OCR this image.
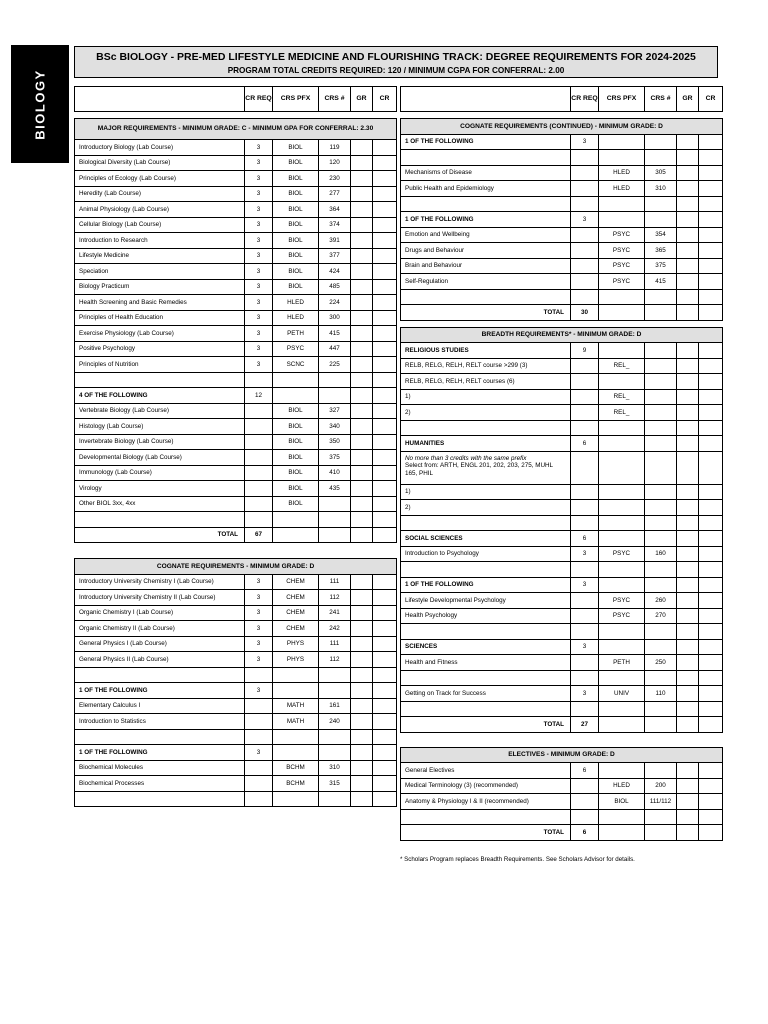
BIOLOGY
BSc BIOLOGY - PRE-MED LIFESTYLE MEDICINE AND FLOURISHING TRACK: DEGREE REQUIREMENTS FOR 2024-2025
PROGRAM TOTAL CREDITS REQUIRED: 120 / MINIMUM CGPA FOR CONFERRAL: 2.00
	CR REQ	CRS PFX	CRS #	GR	CR
MAJOR REQUIREMENTS - MINIMUM GRADE: C - MINIMUM GPA FOR CONFERRAL: 2.30					
Introductory Biology (Lab Course)	3	BIOL	119		
Biological Diversity (Lab Course)	3	BIOL	120		
Principles of Ecology (Lab Course)	3	BIOL	230		
Heredity (Lab Course)	3	BIOL	277		
Animal Physiology (Lab Course)	3	BIOL	364		
Cellular Biology (Lab Course)	3	BIOL	374		
Introduction to Research	3	BIOL	391		
Lifestyle Medicine	3	BIOL	377		
Speciation	3	BIOL	424		
Biology Practicum	3	BIOL	485		
Health Screening and Basic Remedies	3	HLED	224		
Principles of Health Education	3	HLED	300		
Exercise Physiology (Lab Course)	3	PETH	415		
Positive Psychology	3	PSYC	447		
Principles of Nutrition	3	SCNC	225		

4 OF THE FOLLOWING	12				
Vertebrate Biology (Lab Course)		BIOL	327		
Histology (Lab Course)		BIOL	340		
Invertebrate Biology (Lab Course)		BIOL	350		
Developmental Biology (Lab Course)		BIOL	375		
Immunology (Lab Course)		BIOL	410		
Virology		BIOL	435		
Other BIOL 3xx, 4xx		BIOL			

TOTAL	67				
COGNATE REQUIREMENTS - MINIMUM GRADE: D					
Introductory University Chemistry I (Lab Course)	3	CHEM	111		
Introductory University Chemistry II (Lab Course)	3	CHEM	112		
Organic Chemistry I (Lab Course)	3	CHEM	241		
Organic Chemistry II (Lab Course)	3	CHEM	242		
General Physics I (Lab Course)	3	PHYS	111		
General Physics II (Lab Course)	3	PHYS	112		

1 OF THE FOLLOWING	3				
Elementary Calculus I		MATH	161		
Introduction to Statistics		MATH	240		

1 OF THE FOLLOWING	3				
Biochemical Molecules		BCHM	310		
Biochemical Processes		BCHM	315		

	CR REQ	CRS PFX	CRS #	GR	CR
COGNATE REQUIREMENTS (CONTINUED) - MINIMUM GRADE: D					
1 OF THE FOLLOWING	3				

Mechanisms of Disease		HLED	305		
Public Health and Epidemiology		HLED	310		

1 OF THE FOLLOWING	3				
Emotion and Wellbeing		PSYC	354		
Drugs and Behaviour		PSYC	365		
Brain and Behaviour		PSYC	375		
Self-Regulation		PSYC	415		

TOTAL	30				
BREADTH REQUIREMENTS* - MINIMUM GRADE: D					
RELIGIOUS STUDIES	9				
RELB, RELG, RELH, RELT course >299 (3)		REL_			
RELB, RELG, RELH, RELT courses (6)					
1)		REL_			
2)		REL_			

HUMANITIES	6				
No more than 3 credits with the same prefix
Select from: ARTH, ENGL 201, 202, 203, 275, MUHL 165, PHIL					
1)					
2)					

SOCIAL SCIENCES	6				
Introduction to Psychology	3	PSYC	160		

1 OF THE FOLLOWING	3				
Lifestyle Developmental Psychology		PSYC	260		
Health Psychology		PSYC	270		

SCIENCES	3				
Health and Fitness		PETH	250		

Getting on Track for Success	3	UNIV	110		

TOTAL	27				
ELECTIVES - MINIMUM GRADE: D					
General Electives	6				
Medical Terminology (3) (recommended)		HLED	200		
Anatomy & Physiology I & II (recommended)		BIOL	111/112		

TOTAL	6				
* Scholars Program replaces Breadth Requirements. See Scholars Advisor for details.
